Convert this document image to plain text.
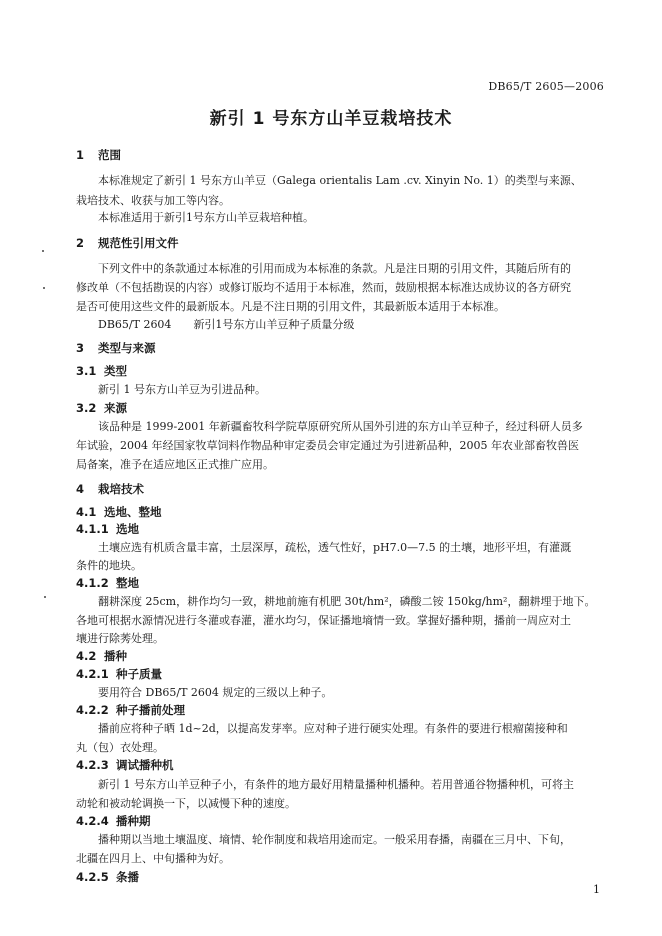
DB65/T 2605—2006
新引 1 号东方山羊豆栽培技术
1 范围
本标准规定了新引 1 号东方山羊豆（Galega orientalis Lam .cv. Xinyin No. 1）的类型与来源、
栽培技术、收获与加工等内容。
本标准适用于新引1号东方山羊豆栽培种植。
2 规范性引用文件
下列文件中的条款通过本标准的引用而成为本标准的条款。凡是注日期的引用文件，其随后所有的
修改单（不包括勘误的内容）或修订版均不适用于本标准，然而，鼓励根据本标准达成协议的各方研究
是否可使用这些文件的最新版本。凡是不注日期的引用文件，其最新版本适用于本标准。
DB65/T 2604 新引1号东方山羊豆种子质量分级
3 类型与来源
3.1 类型
新引 1 号东方山羊豆为引进品种。
3.2 来源
该品种是 1999-2001 年新疆畜牧科学院草原研究所从国外引进的东方山羊豆种子，经过科研人员多
年试验，2004 年经国家牧草饲料作物品种审定委员会审定通过为引进新品种，2005 年农业部畜牧兽医
局备案，准予在适应地区正式推广应用。
4 栽培技术
4.1 选地、整地
4.1.1 选地
土壤应选有机质含量丰富，土层深厚，疏松，透气性好，pH7.0—7.5 的土壤，地形平坦，有灌溉
条件的地块。
4.1.2 整地
翻耕深度 25cm，耕作均匀一致，耕地前施有机肥 30t/hm²，磷酸二铵 150kg/hm²，翻耕埋于地下。
各地可根据水源情况进行冬灌或春灌，灌水均匀，保证播地墒情一致。掌握好播种期，播前一周应对土
壤进行除莠处理。
4.2 播种
4.2.1 种子质量
要用符合 DB65/T 2604 规定的三级以上种子。
4.2.2 种子播前处理
播前应将种子晒 1d~2d，以提高发芽率。应对种子进行硬实处理。有条件的要进行根瘤菌接种和
丸（包）衣处理。
4.2.3 调试播种机
新引 1 号东方山羊豆种子小，有条件的地方最好用精量播种机播种。若用普通谷物播种机，可将主
动轮和被动轮调换一下，以减慢下种的速度。
4.2.4 播种期
播种期以当地土壤温度、墒情、轮作制度和栽培用途而定。一般采用春播，南疆在三月中、下旬，
北疆在四月上、中旬播种为好。
4.2.5 条播
1
